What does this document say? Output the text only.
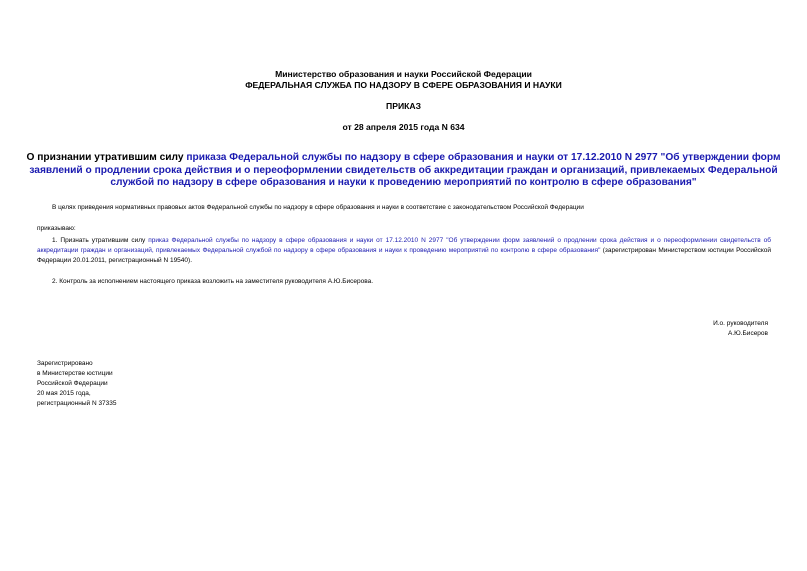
Министерство образования и науки Российской Федерации
ФЕДЕРАЛЬНАЯ СЛУЖБА ПО НАДЗОРУ В СФЕРЕ ОБРАЗОВАНИЯ И НАУКИ
ПРИКАЗ
от 28 апреля 2015 года N 634
О признании утратившим силу приказа Федеральной службы по надзору в сфере образования и науки от 17.12.2010 N 2977 "Об утверждении форм заявлений о продлении срока действия и о переоформлении свидетельств об аккредитации граждан и организаций, привлекаемых Федеральной службой по надзору в сфере образования и науки к проведению мероприятий по контролю в сфере образования"
В целях приведения нормативных правовых актов Федеральной службы по надзору в сфере образования и науки в соответствие с законодательством Российской Федерации
приказываю:
1. Признать утратившим силу приказ Федеральной службы по надзору в сфере образования и науки от 17.12.2010 N 2977 "Об утверждении форм заявлений о продлении срока действия и о переоформлении свидетельств об аккредитации граждан и организаций, привлекаемых Федеральной службой по надзору в сфере образования и науки к проведению мероприятий по контролю в сфере образования" (зарегистрирован Министерством юстиции Российской Федерации 20.01.2011, регистрационный N 19540).
2. Контроль за исполнением настоящего приказа возложить на заместителя руководителя А.Ю.Бисерова.
И.о. руководителя
А.Ю.Бисеров
Зарегистрировано
в Министерстве юстиции
Российской Федерации
20 мая 2015 года,
регистрационный N 37335
